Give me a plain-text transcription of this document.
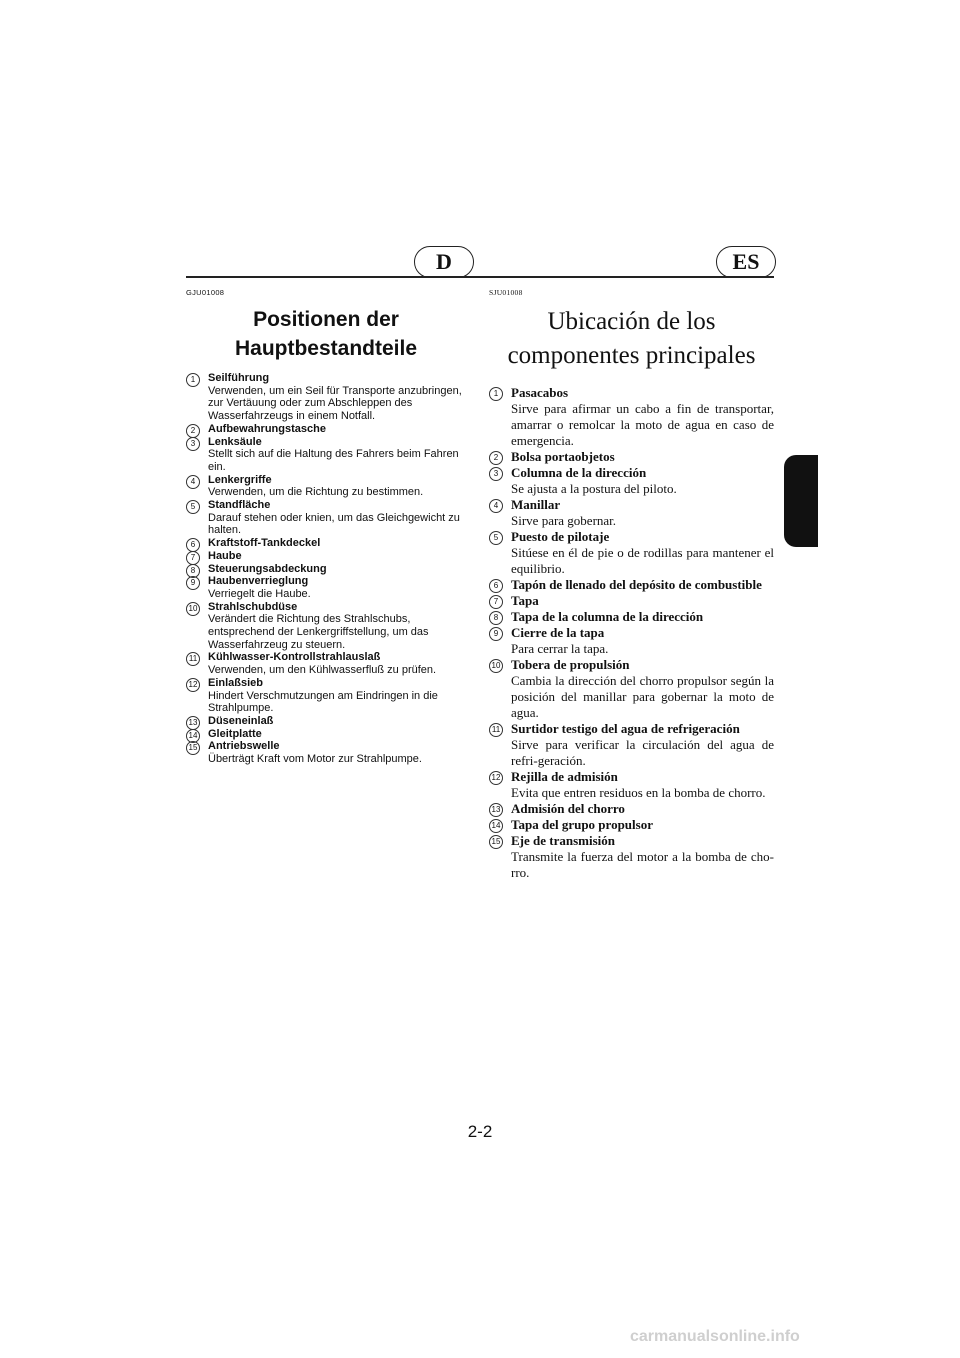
D	ES
GJU01008
Positionen der
Hauptbestandteile
1	Seilführung
Verwenden, um ein Seil für Transporte anzubringen, zur Vertäuung oder zum Abschleppen des Wasserfahrzeugs in einem Notfall.
2	Aufbewahrungstasche
3	Lenksäule
Stellt sich auf die Haltung des Fahrers beim Fahren ein.
4	Lenkergriffe
Verwenden, um die Richtung zu bestimmen.
5	Standfläche
Darauf stehen oder knien, um das Gleichgewicht zu halten.
6	Kraftstoff-Tankdeckel
7	Haube
8	Steuerungsabdeckung
9	Haubenverrieglung
Verriegelt die Haube.
10 Strahlschubdüse
Verändert die Richtung des Strahlschubs, entsprechend der Lenkergriffstellung, um das Wasserfahrzeug zu steuern.
11 Kühlwasser-Kontrollstrahlauslaß
Verwenden, um den Kühlwasserfluß zu prüfen.
12 Einlaßsieb
Hindert Verschmutzungen am Eindringen in die Strahlpumpe.
13 Düseneinlaß
14 Gleitplatte
15 Antriebswelle
Überträgt Kraft vom Motor zur Strahlpumpe.
SJU01008
Ubicación de los
componentes principales
1 Pasacabos
Sirve para afirmar un cabo a fin de transportar, amarrar o remolcar la moto de agua en caso de emergencia.
2 Bolsa portaobjetos
3 Columna de la dirección
Se ajusta a la postura del piloto.
4 Manillar
Sirve para gobernar.
5 Puesto de pilotaje
Sitúese en él de pie o de rodillas para mantener el equilibrio.
6 Tapón de llenado del depósito de combustible
7 Tapa
8 Tapa de la columna de la dirección
9 Cierre de la tapa
Para cerrar la tapa.
10 Tobera de propulsión
Cambia la dirección del chorro propulsor según la posición del manillar para gobernar la moto de agua.
11 Surtidor testigo del agua de refrigeración
Sirve para verificar la circulación del agua de refri-geración.
12 Rejilla de admisión
Evita que entren residuos en la bomba de chorro.
13 Admisión del chorro
14 Tapa del grupo propulsor
15 Eje de transmisión
Transmite la fuerza del motor a la bomba de cho-rro.
2-2
carmanualsonline.info
